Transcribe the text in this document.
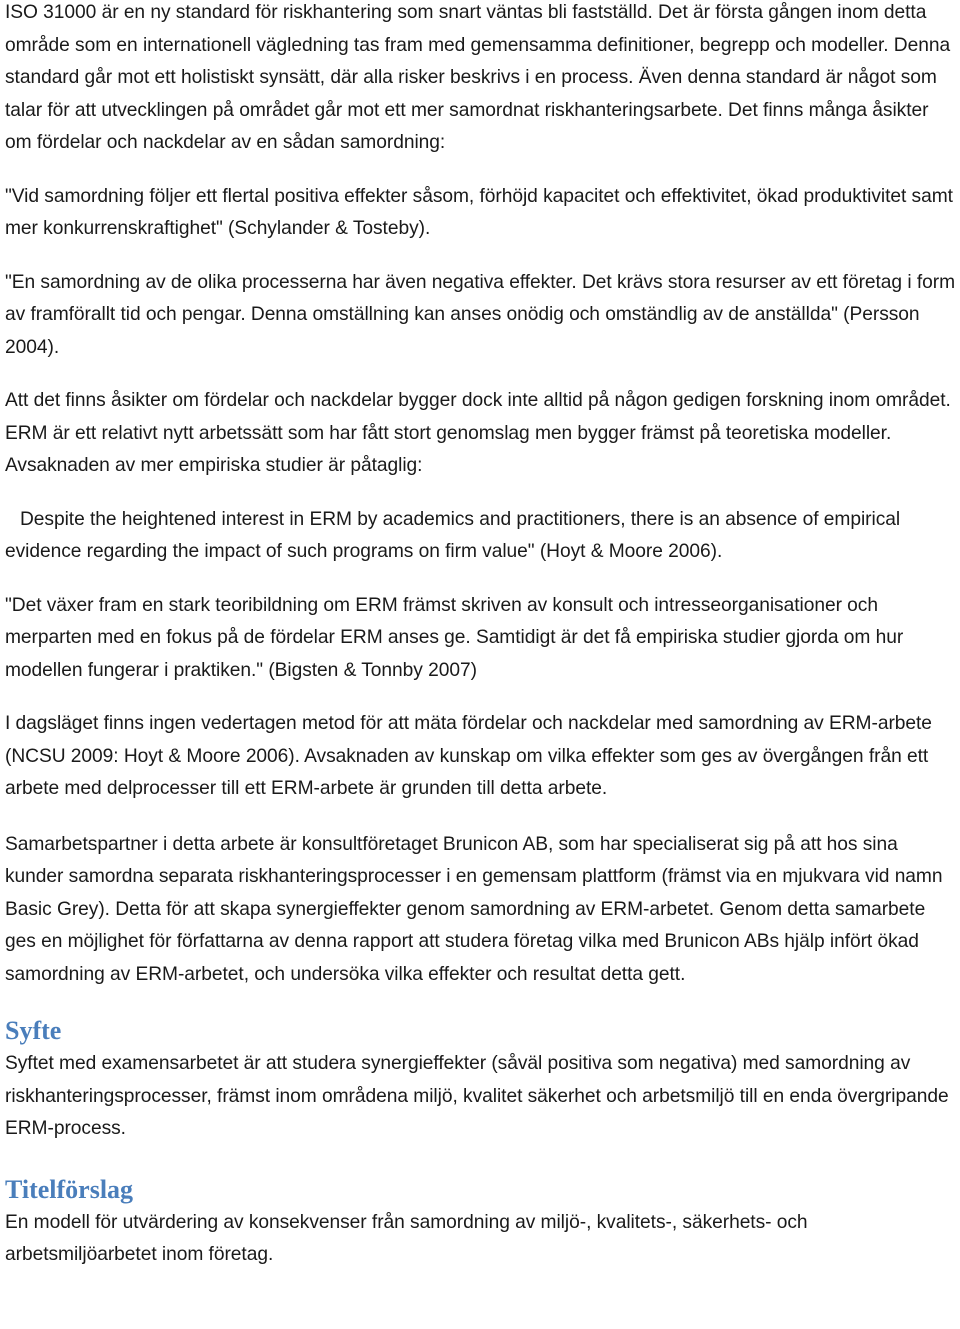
ISO 31000 är en ny standard för riskhantering som snart väntas bli fastställd. Det är första gången inom detta område som en internationell vägledning tas fram med gemensamma definitioner, begrepp och modeller. Denna standard går mot ett holistiskt synsätt, där alla risker beskrivs i en process. Även denna standard är något som talar för att utvecklingen på området går mot ett mer samordnat riskhanteringsarbete. Det finns många åsikter om fördelar och nackdelar av en sådan samordning:

"Vid samordning följer ett flertal positiva effekter såsom, förhöjd kapacitet och effektivitet, ökad produktivitet samt mer konkurrenskraftighet" (Schylander & Tosteby).

"En samordning av de olika processerna har även negativa effekter. Det krävs stora resurser av ett företag i form av framförallt tid och pengar. Denna omställning kan anses onödig och omständlig av de anställda" (Persson 2004).

Att det finns åsikter om fördelar och nackdelar bygger dock inte alltid på någon gedigen forskning inom området. ERM är ett relativt nytt arbetssätt som har fått stort genomslag men bygger främst på teoretiska modeller. Avsaknaden av mer empiriska studier är påtaglig:

Despite the heightened interest in ERM by academics and practitioners, there is an absence of empirical evidence regarding the impact of such programs on firm value" (Hoyt & Moore 2006).

"Det växer fram en stark teoribildning om ERM främst skriven av konsult och intresseorganisationer och merparten med en fokus på de fördelar ERM anses ge. Samtidigt är det få empiriska studier gjorda om hur modellen fungerar i praktiken." (Bigsten & Tonnby 2007)

I dagsläget finns ingen vedertagen metod för att mäta fördelar och nackdelar med samordning av ERM-arbete (NCSU 2009: Hoyt & Moore 2006). Avsaknaden av kunskap om vilka effekter som ges av övergången från ett arbete med delprocesser till ett ERM-arbete är grunden till detta arbete.

Samarbetspartner i detta arbete är konsultföretaget Brunicon AB, som har specialiserat sig på att hos sina kunder samordna separata riskhanteringsprocesser i en gemensam plattform (främst via en mjukvara vid namn Basic Grey). Detta för att skapa synergieffekter genom samordning av ERM-arbetet. Genom detta samarbete ges en möjlighet för författarna av denna rapport att studera företag vilka med Brunicon ABs hjälp infört ökad samordning av ERM-arbetet, och undersöka vilka effekter och resultat detta gett.

Syfte

Syftet med examensarbetet är att studera synergieffekter (såväl positiva som negativa) med samordning av riskhanteringsprocesser, främst inom områdena miljö, kvalitet säkerhet och arbetsmiljö till en enda övergripande ERM-process.

Titelförslag

En modell för utvärdering av konsekvenser från samordning av miljö-, kvalitets-, säkerhets- och arbetsmiljöarbetet inom företag.
